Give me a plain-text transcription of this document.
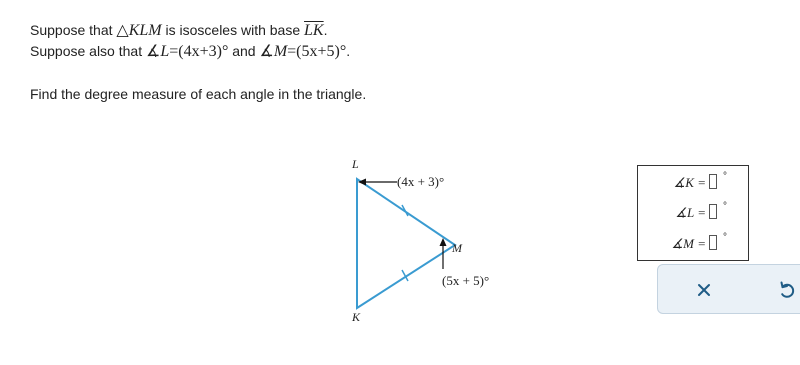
Suppose that △KLM is isosceles with base $\overline{LK}$.

Suppose also that ∡L=(4x+3)° and ∡M=(5x+5)°.

Find the degree measure of each angle in the triangle.

L
K
M
(4x + 3)°
(5x + 5)°
∡K = °
∡L = °
∡M = °
